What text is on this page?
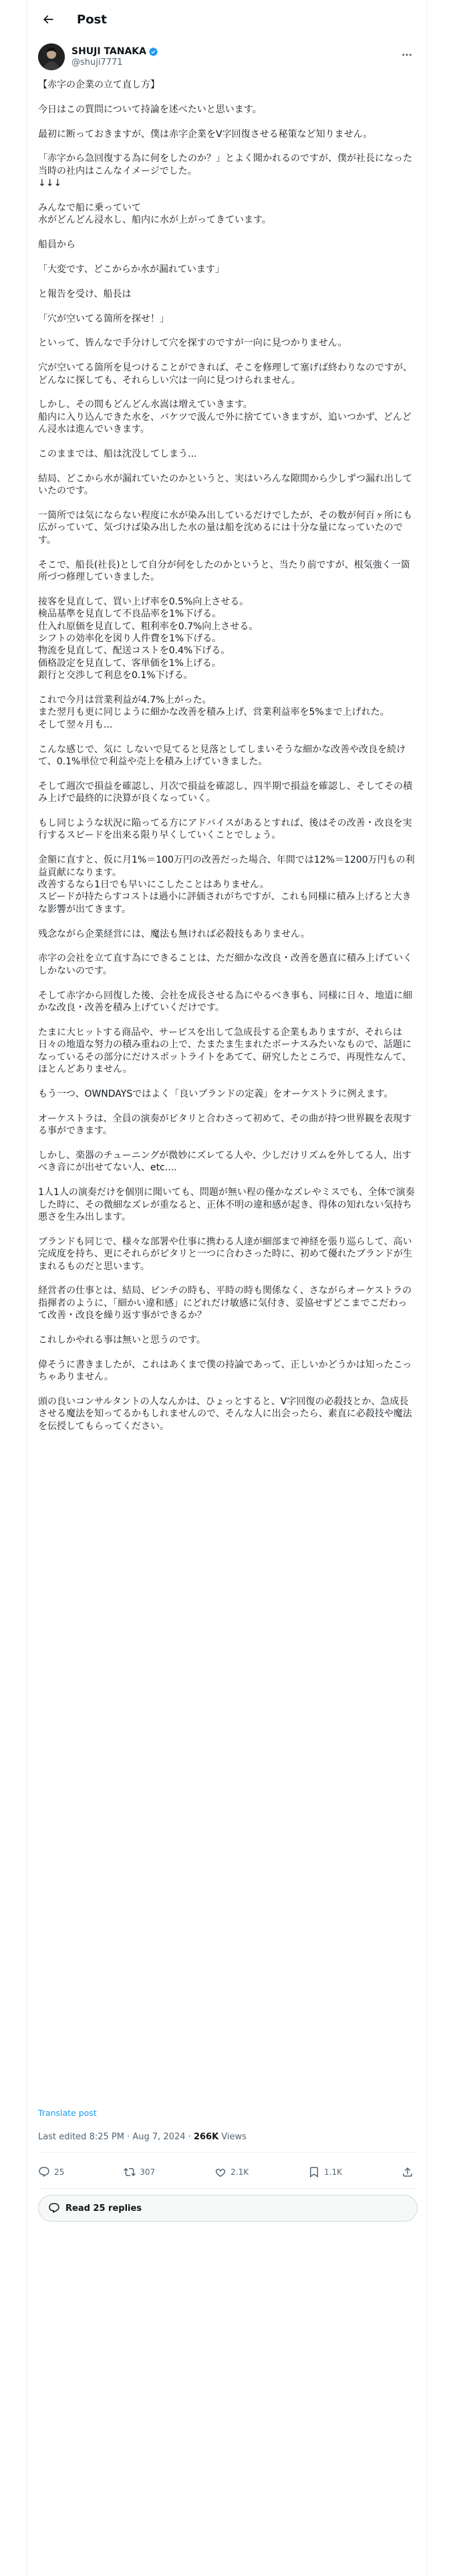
Post
SHUJI TANAKA
@shuji7771

【赤字の企業の立て直し方】

今日はこの質問について持論を述べたいと思います。

最初に断っておきますが、僕は赤字企業をV字回復させる秘策など知りません。

「赤字から急回復する為に何をしたのか？」とよく聞かれるのですが、僕が社長になった当時の社内はこんなイメージでした。
↓↓↓

みんなで船に乗っていて
水がどんどん浸水し、船内に水が上がってきています。

船員から

「大変です、どこからか水が漏れています」

と報告を受け、船長は

「穴が空いてる箇所を探せ！」

といって、皆んなで手分けして穴を探すのですが一向に見つかりません。

穴が空いてる箇所を見つけることができれば、そこを修理して塞げば終わりなのですが、どんなに探しても、それらしい穴は一向に見つけられません。

しかし、その間もどんどん水嵩は増えていきます。
船内に入り込んできた水を、バケツで汲んで外に捨てていきますが、追いつかず、どんどん浸水は進んでいきます。

このままでは、船は沈没してしまう...

結局、どこから水が漏れていたのかというと、実はいろんな隙間から少しずつ漏れ出していたのです。

一箇所では気にならない程度に水が染み出しているだけでしたが、その数が何百ヶ所にも広がっていて、気づけば染み出した水の量は船を沈めるには十分な量になっていたのです。

そこで、船長(社長)として自分が何をしたのかというと、当たり前ですが、根気強く一箇所づつ修理していきました。

接客を見直して、買い上げ率を0.5%向上させる。
検品基準を見直して不良品率を1%下げる。
仕入れ原価を見直して、粗利率を0.7%向上させる。
シフトの効率化を図り人件費を1%下げる。
物流を見直して、配送コストを0.4%下げる。
価格設定を見直して、客単価を1%上げる。
銀行と交渉して利息を0.1%下げる。

これで今月は営業利益が4.7%上がった。
また翌月も更に同じように細かな改善を積み上げ、営業利益率を5%まで上げれた。
そして翌々月も...

こんな感じで、気に しないで見てると見落としてしまいそうな細かな改善や改良を続けて、0.1%単位で利益や売上を積み上げていきました。

そして週次で損益を確認し、月次で損益を確認し、四半期で損益を確認し、そしてその積み上げで最終的に決算が良くなっていく。

もし同じような状況に陥ってる方にアドバイスがあるとすれば、後はその改善・改良を実行するスピードを出来る限り早くしていくことでしょう。

金額に直すと、仮に月1%＝100万円の改善だった場合、年間では12%＝1200万円もの利益貢献になります。
改善するなら1日でも早いにこしたことはありません。
スピードが持たらすコストは過小に評価されがちですが、これも同様に積み上げると大きな影響が出てきます。

残念ながら企業経営には、魔法も無ければ必殺技もありません。

赤字の会社を立て直す為にできることは、ただ細かな改良・改善を愚直に積み上げていくしかないのです。

そして赤字から回復した後、会社を成長させる為にやるべき事も、同様に日々、地道に細かな改良・改善を積み上げていくだけです。

たまに大ヒットする商品や、サービスを出して急成長する企業もありますが、それらは日々の地道な努力の積み重ねの上で、たまたま生まれたボーナスみたいなもので、話題になっているその部分にだけスポットライトをあてて、研究したところで、再現性なんて、ほとんどありません。

もう一つ、OWNDAYSではよく「良いブランドの定義」をオーケストラに例えます。

オーケストラは、全員の演奏がピタリと合わさって初めて、その曲が持つ世界観を表現する事ができます。

しかし、楽器のチューニングが微妙にズレてる人や、少しだけリズムを外してる人、出すべき音にが出せてない人、etc....

1人1人の演奏だけを個別に聞いても、問題が無い程の僅かなズレやミスでも、全体で演奏した時に、その微細なズレが重なると、正体不明の違和感が起き、得体の知れない気持ち悪さを生み出します。

ブランドも同じで、様々な部署や仕事に携わる人達が細部まで神経を張り巡らして、高い完成度を持ち、更にそれらがピタリと一つに合わさった時に、初めて優れたブランドが生まれるものだと思います。

経営者の仕事とは、結局、ピンチの時も、平時の時も関係なく、さながらオーケストラの指揮者のように、「細かい違和感」にどれだけ敏感に気付き、妥協せずどこまでこだわって改善・改良を繰り返す事ができるか？

これしかやれる事は無いと思うのです。

偉そうに書きましたが、これはあくまで僕の持論であって、正しいかどうかは知ったこっちゃありません。

頭の良いコンサルタントの人なんかは、ひょっとすると、V字回復の必殺技とか、急成長させる魔法を知ってるかもしれませんので、そんな人に出会ったら、素直に必殺技や魔法を伝授してもらってください。

Translate post
Last edited 8:25 PM · Aug 7, 2024 · 266K Views
25	307	2.1K	1.1K
Read 25 replies
